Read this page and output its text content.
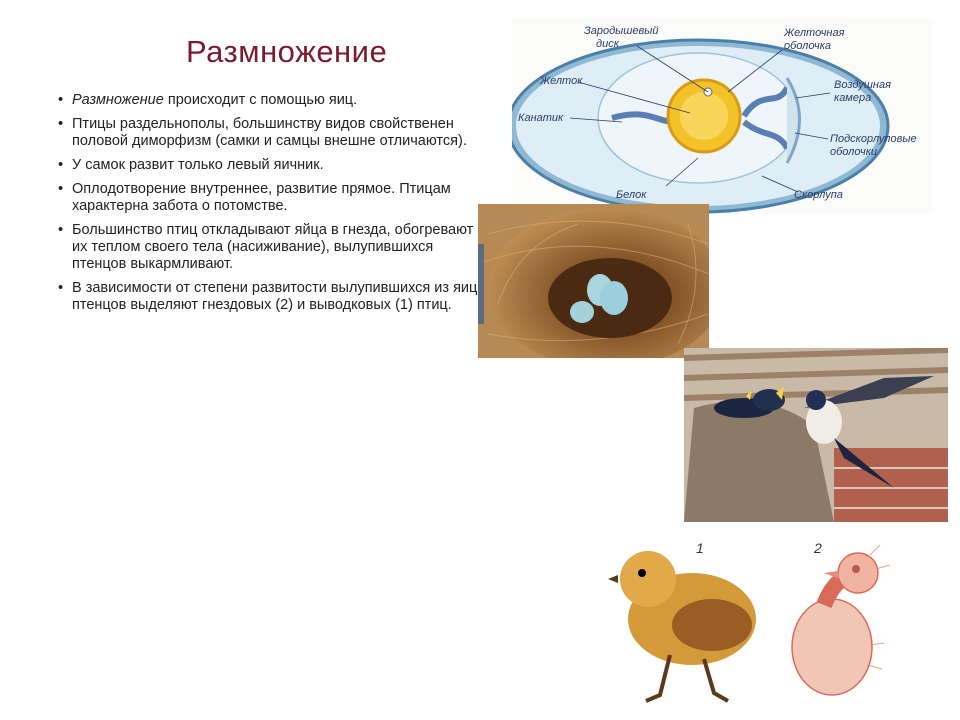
Размножение
• Размножение происходит с помощью яиц.
• Птицы раздельнополы, большинству видов свойственен половой диморфизм (самки и самцы внешне отличаются).
• У самок развит только левый яичник.
• Оплодотворение внутреннее, развитие прямое. Птицам характерна забота о потомстве.
• Большинство птиц откладывают яйца в гнезда, обогревают их теплом своего тела (насиживание), вылупившихся птенцов выкармливают.
• В зависимости от степени развитости вылупившихся из яиц птенцов выделяют гнездовых (2) и выводковых (1) птиц.
Зародышевый диск
Желточная оболочка
Желток	Воздушная камера
Канатик
Подскорлуповые оболочки
Белок	Скорлупа
1	2
